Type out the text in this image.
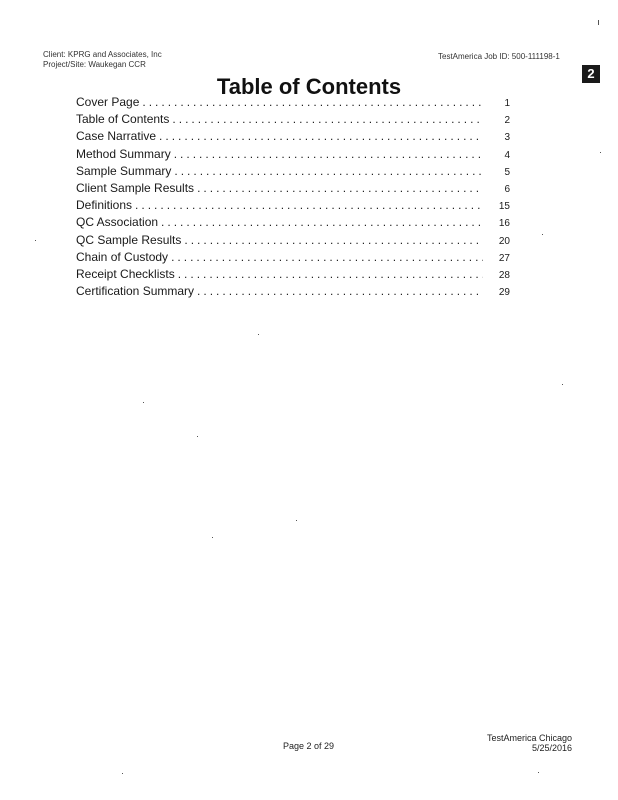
Client: KPRG and Associates, Inc
Project/Site: Waukegan CCR
TestAmerica Job ID: 500-111198-1
2
Table of Contents
Cover Page .....	1
Table of Contents .....	2
Case Narrative .....	3
Method Summary .....	4
Sample Summary .....	5
Client Sample Results .....	6
Definitions .....	15
QC Association .....	16
QC Sample Results .....	20
Chain of Custody .....	27
Receipt Checklists .....	28
Certification Summary .....	29
Page 2 of 29
TestAmerica Chicago
5/25/2016
